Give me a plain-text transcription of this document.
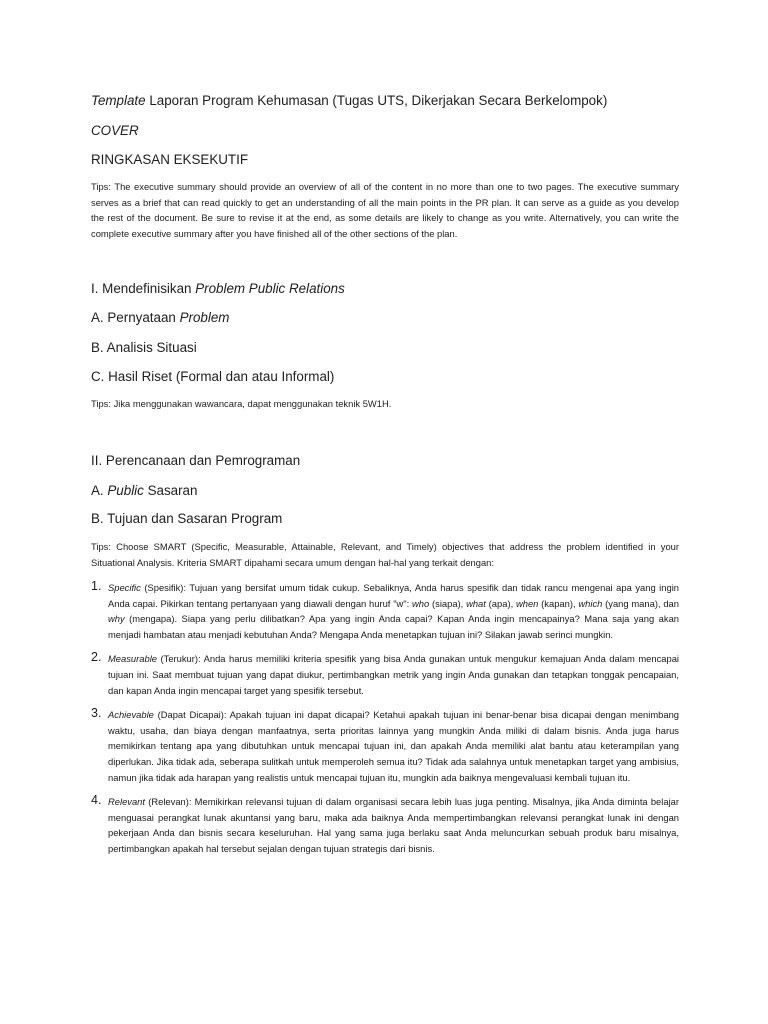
Template Laporan Program Kehumasan (Tugas UTS, Dikerjakan Secara Berkelompok)

COVER

RINGKASAN EKSEKUTIF

Tips: The executive summary should provide an overview of all of the content in no more than one to two pages. The executive summary serves as a brief that can read quickly to get an understanding of all the main points in the PR plan. It can serve as a guide as you develop the rest of the document. Be sure to revise it at the end, as some details are likely to change as you write. Alternatively, you can write the complete executive summary after you have finished all of the other sections of the plan.

I. Mendefinisikan Problem Public Relations

A. Pernyataan Problem

B. Analisis Situasi

C. Hasil Riset (Formal dan atau Informal)

Tips: Jika menggunakan wawancara, dapat menggunakan teknik 5W1H.

II. Perencanaan dan Pemrograman

A. Public Sasaran

B. Tujuan dan Sasaran Program

Tips: Choose SMART (Specific, Measurable, Attainable, Relevant, and Timely) objectives that address the problem identified in your Situational Analysis. Kriteria SMART dipahami secara umum dengan hal-hal yang terkait dengan:

1. Specific (Spesifik): Tujuan yang bersifat umum tidak cukup. Sebaliknya, Anda harus spesifik dan tidak rancu mengenai apa yang ingin Anda capai. Pikirkan tentang pertanyaan yang diawali dengan huruf "w": who (siapa), what (apa), when (kapan), which (yang mana), dan why (mengapa). Siapa yang perlu dilibatkan? Apa yang ingin Anda capai? Kapan Anda ingin mencapainya? Mana saja yang akan menjadi hambatan atau menjadi kebutuhan Anda? Mengapa Anda menetapkan tujuan ini? Silakan jawab serinci mungkin.
2. Measurable (Terukur): Anda harus memiliki kriteria spesifik yang bisa Anda gunakan untuk mengukur kemajuan Anda dalam mencapai tujuan ini. Saat membuat tujuan yang dapat diukur, pertimbangkan metrik yang ingin Anda gunakan dan tetapkan tonggak pencapaian, dan kapan Anda ingin mencapai target yang spesifik tersebut.
3. Achievable (Dapat Dicapai): Apakah tujuan ini dapat dicapai? Ketahui apakah tujuan ini benar-benar bisa dicapai dengan menimbang waktu, usaha, dan biaya dengan manfaatnya, serta prioritas lainnya yang mungkin Anda miliki di dalam bisnis. Anda juga harus memikirkan tentang apa yang dibutuhkan untuk mencapai tujuan ini, dan apakah Anda memiliki alat bantu atau keterampilan yang diperlukan. Jika tidak ada, seberapa sulitkah untuk memperoleh semua itu? Tidak ada salahnya untuk menetapkan target yang ambisius, namun jika tidak ada harapan yang realistis untuk mencapai tujuan itu, mungkin ada baiknya mengevaluasi kembali tujuan itu.
4. Relevant (Relevan): Memikirkan relevansi tujuan di dalam organisasi secara lebih luas juga penting. Misalnya, jika Anda diminta belajar menguasai perangkat lunak akuntansi yang baru, maka ada baiknya Anda mempertimbangkan relevansi perangkat lunak ini dengan pekerjaan Anda dan bisnis secara keseluruhan. Hal yang sama juga berlaku saat Anda meluncurkan sebuah produk baru misalnya, pertimbangkan apakah hal tersebut sejalan dengan tujuan strategis dari bisnis.
